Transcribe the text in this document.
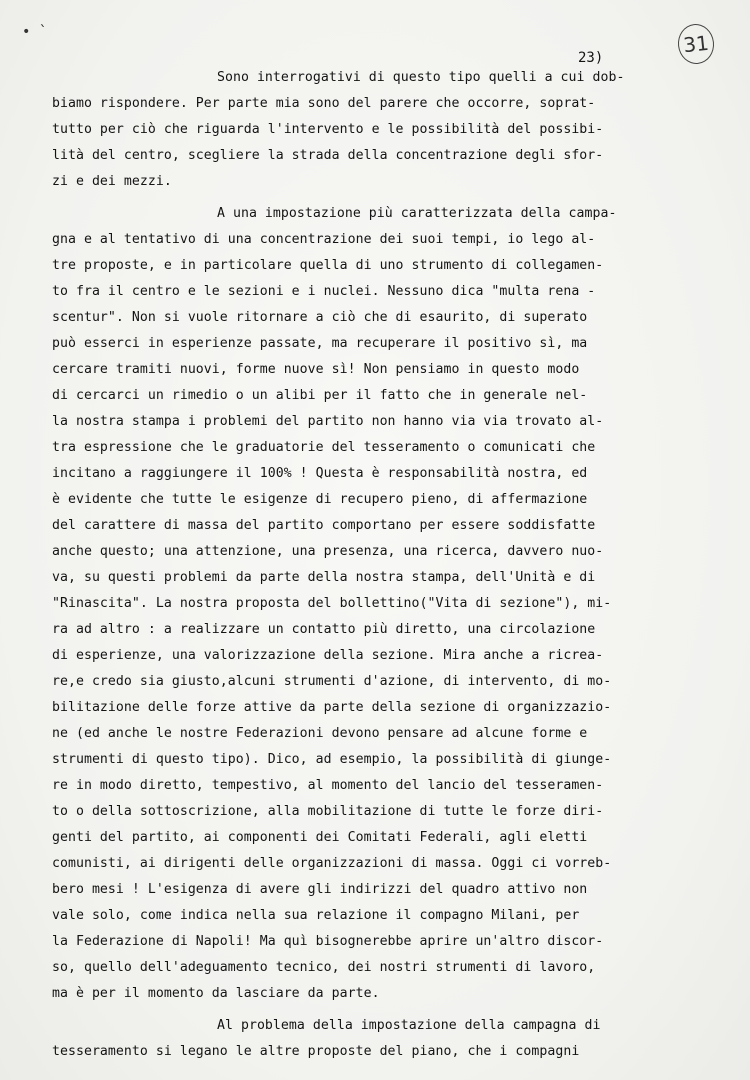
• `	31
23)
Sono interrogativi di questo tipo quelli a cui dob-
biamo rispondere. Per parte mia sono del parere che occorre, soprat-
tutto per ciò che riguarda l'intervento e le possibilità del possibi-
lità del centro, scegliere la strada della concentrazione degli sfor-
zi e dei mezzi.
A una impostazione più caratterizzata della campa-
gna e al tentativo di una concentrazione dei suoi tempi, io lego al-
tre proposte, e in particolare quella di uno strumento di collegamen-
to fra il centro e le sezioni e i nuclei. Nessuno dica "multa rena -
scentur". Non si vuole ritornare a ciò che di esaurito, di superato
può esserci in esperienze passate, ma recuperare il positivo sì, ma
cercare tramiti nuovi, forme nuove sì! Non pensiamo in questo modo
di cercarci un rimedio o un alibi per il fatto che in generale nel-
la nostra stampa i problemi del partito non hanno via via trovato al-
tra espressione che le graduatorie del tesseramento o comunicati che
incitano a raggiungere il 100% ! Questa è responsabilità nostra, ed
è evidente che tutte le esigenze di recupero pieno, di affermazione
del carattere di massa del partito comportano per essere soddisfatte
anche questo; una attenzione, una presenza, una ricerca, davvero nuo-
va, su questi problemi da parte della nostra stampa, dell'Unità e di
"Rinascita". La nostra proposta del bollettino("Vita di sezione"), mi-
ra ad altro : a realizzare un contatto più diretto, una circolazione
di esperienze, una valorizzazione della sezione. Mira anche a ricrea-
re,e credo sia giusto,alcuni strumenti d'azione, di intervento, di mo-
bilitazione delle forze attive da parte della sezione di organizzazio-
ne (ed anche le nostre Federazioni devono pensare ad alcune forme e
strumenti di questo tipo). Dico, ad esempio, la possibilità di giunge-
re in modo diretto, tempestivo, al momento del lancio del tesseramen-
to o della sottoscrizione, alla mobilitazione di tutte le forze diri-
genti del partito, ai componenti dei Comitati Federali, agli eletti
comunisti, ai dirigenti delle organizzazioni di massa. Oggi ci vorreb-
bero mesi ! L'esigenza di avere gli indirizzi del quadro attivo non
vale solo, come indica nella sua relazione il compagno Milani, per
la Federazione di Napoli! Ma quì bisognerebbe aprire un'altro discor-
so, quello dell'adeguamento tecnico, dei nostri strumenti di lavoro,
ma è per il momento da lasciare da parte.
Al problema della impostazione della campagna di
tesseramento si legano le altre proposte del piano, che i compagni
